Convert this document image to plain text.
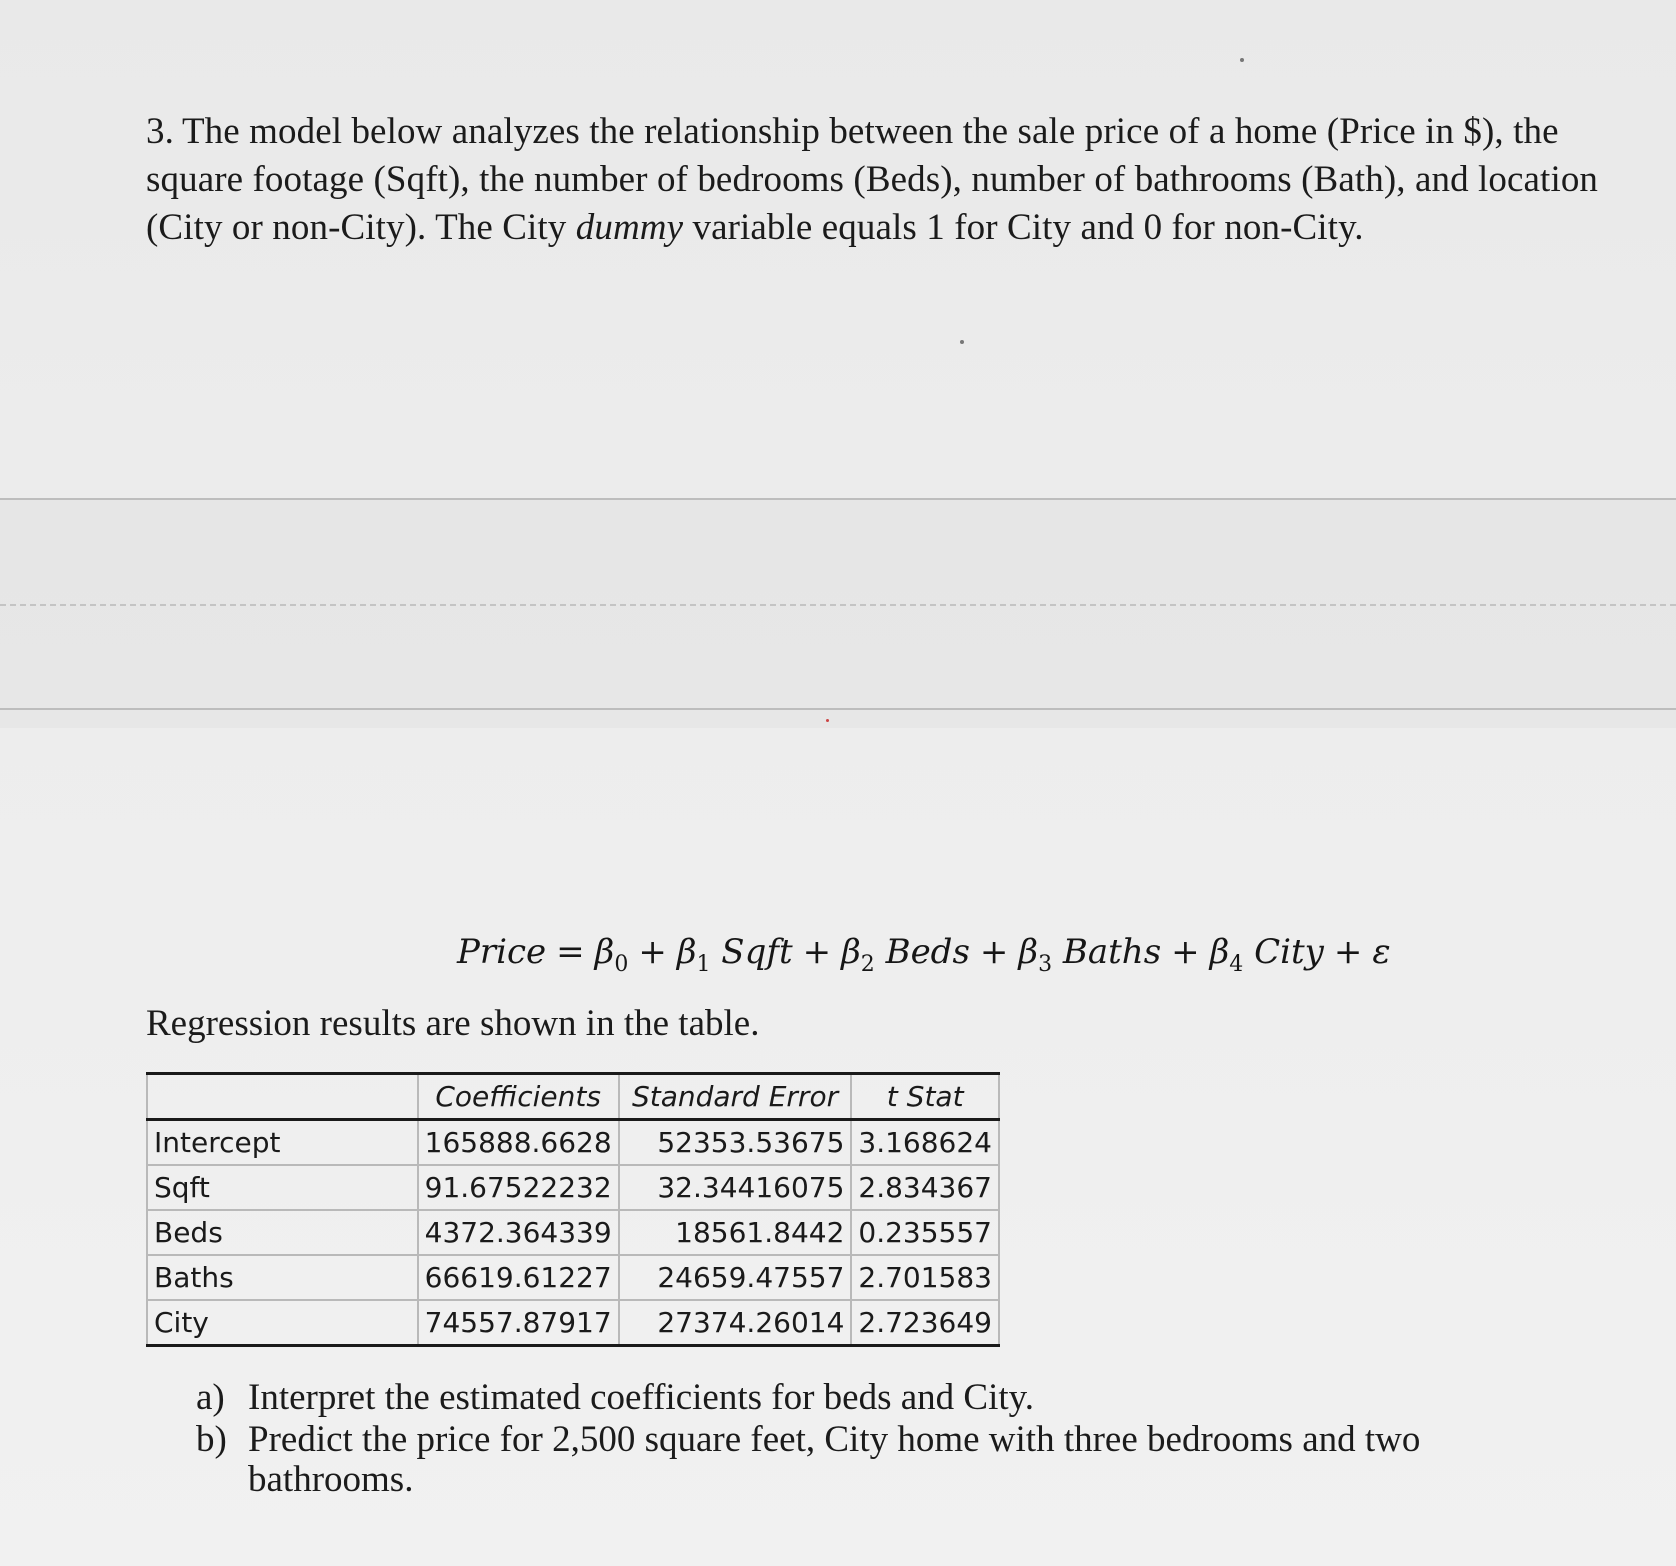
3. The model below analyzes the relationship between the sale price of a home (Price in $), the square footage (Sqft), the number of bedrooms (Beds), number of bathrooms (Bath), and location (City or non-City). The City dummy variable equals 1 for City and 0 for non-City.

Price = $\beta_0 + \beta_1$ Sqft + $\beta_2$ Beds + $\beta_3$ Baths + $\beta_4$ City + ε

Regression results are shown in the table.

	Coefficients	Standard Error	t Stat
Intercept	165888.6628	52353.53675	3.168624
Sqft	91.67522232	32.34416075	2.834367
Beds	4372.364339	18561.8442	0.235557
Baths	66619.61227	24659.47557	2.701583
City	74557.87917	27374.26014	2.723649
a) Interpret the estimated coefficients for beds and City.
b) Predict the price for 2,500 square feet, City home with three bedrooms and two bathrooms.
